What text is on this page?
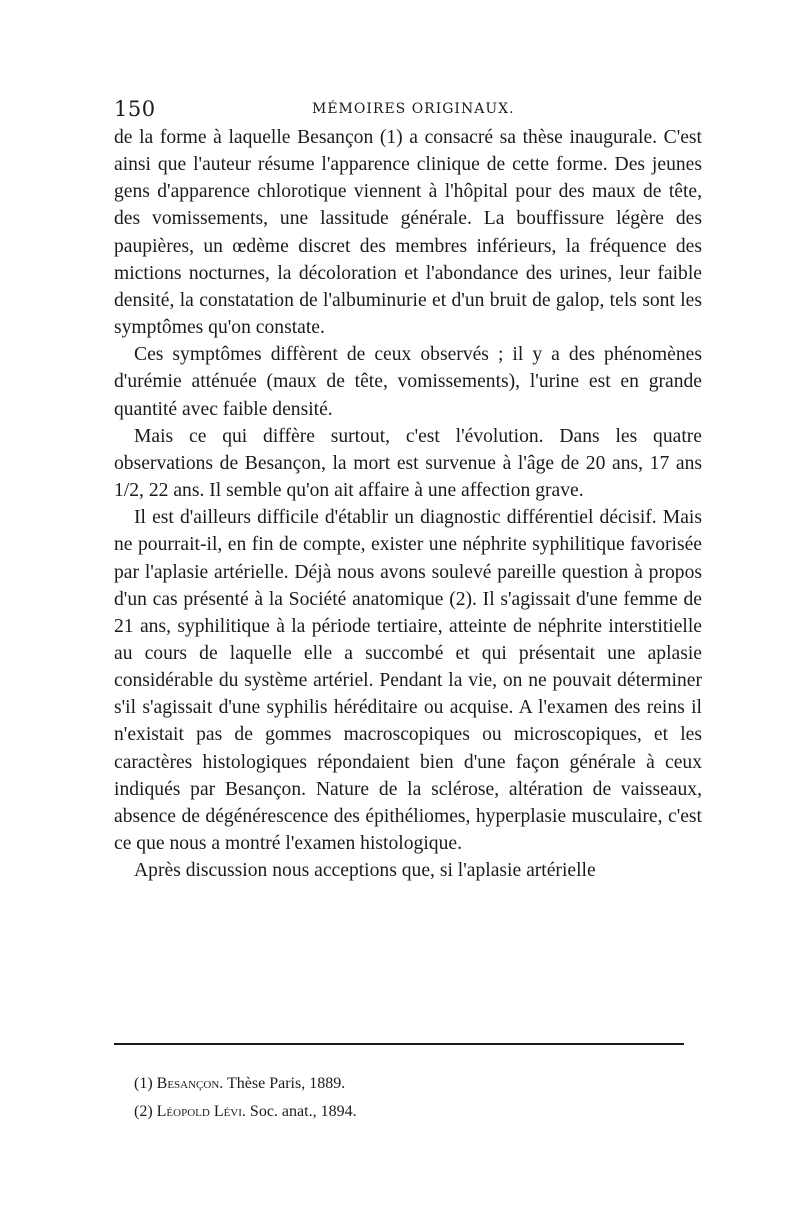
150	MÉMOIRES ORIGINAUX.

de la forme à laquelle Besançon (1) a consacré sa thèse inaugurale. C'est ainsi que l'auteur résume l'apparence clinique de cette forme. Des jeunes gens d'apparence chlorotique viennent à l'hôpital pour des maux de tête, des vomissements, une lassitude générale. La bouffissure légère des paupières, un œdème discret des membres inférieurs, la fréquence des mictions nocturnes, la décoloration et l'abondance des urines, leur faible densité, la constatation de l'albuminurie et d'un bruit de galop, tels sont les symptômes qu'on constate.

Ces symptômes diffèrent de ceux observés ; il y a des phénomènes d'urémie atténuée (maux de tête, vomissements), l'urine est en grande quantité avec faible densité.

Mais ce qui diffère surtout, c'est l'évolution. Dans les quatre observations de Besançon, la mort est survenue à l'âge de 20 ans, 17 ans 1/2, 22 ans. Il semble qu'on ait affaire à une affection grave.

Il est d'ailleurs difficile d'établir un diagnostic différentiel décisif. Mais ne pourrait-il, en fin de compte, exister une néphrite syphilitique favorisée par l'aplasie artérielle. Déjà nous avons soulevé pareille question à propos d'un cas présenté à la Société anatomique (2). Il s'agissait d'une femme de 21 ans, syphilitique à la période tertiaire, atteinte de néphrite interstitielle au cours de laquelle elle a succombé et qui présentait une aplasie considérable du système artériel. Pendant la vie, on ne pouvait déterminer s'il s'agissait d'une syphilis héréditaire ou acquise. A l'examen des reins il n'existait pas de gommes macroscopiques ou microscopiques, et les caractères histologiques répondaient bien d'une façon générale à ceux indiqués par Besançon. Nature de la sclérose, altération de vaisseaux, absence de dégénérescence des épithéliomes, hyperplasie musculaire, c'est ce que nous a montré l'examen histologique.

Après discussion nous acceptions que, si l'aplasie artérielle

(1) Besançon. Thèse Paris, 1889.
(2) Léopold Lévi. Soc. anat., 1894.
